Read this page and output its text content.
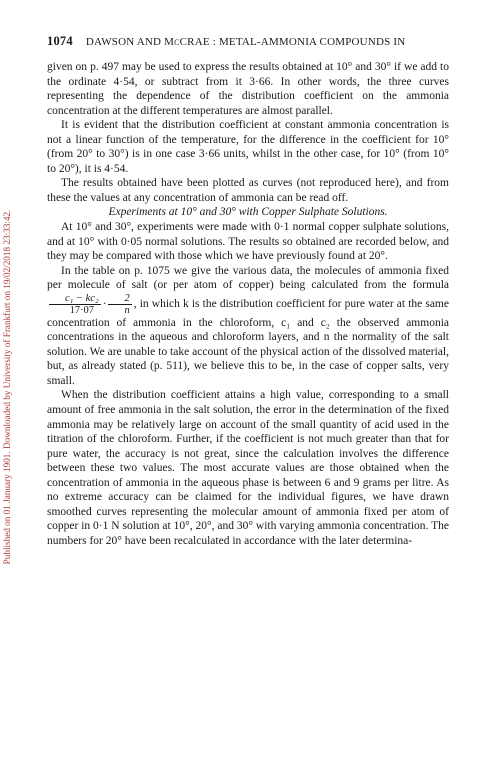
Published on 01 January 1901. Downloaded by University of Frankfurt on 19/02/2018 23:33:42.
1074 DAWSON AND McCRAE : METAL-AMMONIA COMPOUNDS IN

given on p. 497 may be used to express the results obtained at 10° and 30° if we add to the ordinate 4·54, or subtract from it 3·66. In other words, the three curves representing the dependence of the distribution coefficient on the ammonia concentration at the different temperatures are almost parallel.

It is evident that the distribution coefficient at constant ammonia concentration is not a linear function of the temperature, for the difference in the coefficient for 10° (from 20° to 30°) is in one case 3·66 units, whilst in the other case, for 10° (from 10° to 20°), it is 4·54.

The results obtained have been plotted as curves (not reproduced here), and from these the values at any concentration of ammonia can be read off.

Experiments at 10° and 30° with Copper Sulphate Solutions.

At 10° and 30°, experiments were made with 0·1 normal copper sulphate solutions, and at 10° with 0·05 normal solutions. The results so obtained are recorded below, and they may be compared with those which we have previously found at 20°.

In the table on p. 1075 we give the various data, the molecules of ammonia fixed per molecule of salt (or per atom of copper) being calculated from the formula
$\frac{\text{c₁ − kc₂}}{17\cdot 07} \cdot \frac{2}{n}$ , in which k is the distribution coefficient for pure water at the same concentration of ammonia in the chloroform, c₁ and c₂ the observed ammonia concentrations in the aqueous and chloroform layers, and n the normality of the salt solution. We are unable to take account of the physical action of the dissolved material, but, as already stated (p. 511), we believe this to be, in the case of copper salts, very small.

When the distribution coefficient attains a high value, corresponding to a small amount of free ammonia in the salt solution, the error in the determination of the fixed ammonia may be relatively large on account of the small quantity of acid used in the titration of the chloroform. Further, if the coefficient is not much greater than that for pure water, the accuracy is not great, since the calculation involves the difference between these two values. The most accurate values are those obtained when the concentration of ammonia in the aqueous phase is between 6 and 9 grams per litre. As no extreme accuracy can be claimed for the individual figures, we have drawn smoothed curves representing the molecular amount of ammonia fixed per atom of copper in 0·1 N solution at 10°, 20°, and 30° with varying ammonia concentration. The numbers for 20° have been recalculated in accordance with the later determina-
